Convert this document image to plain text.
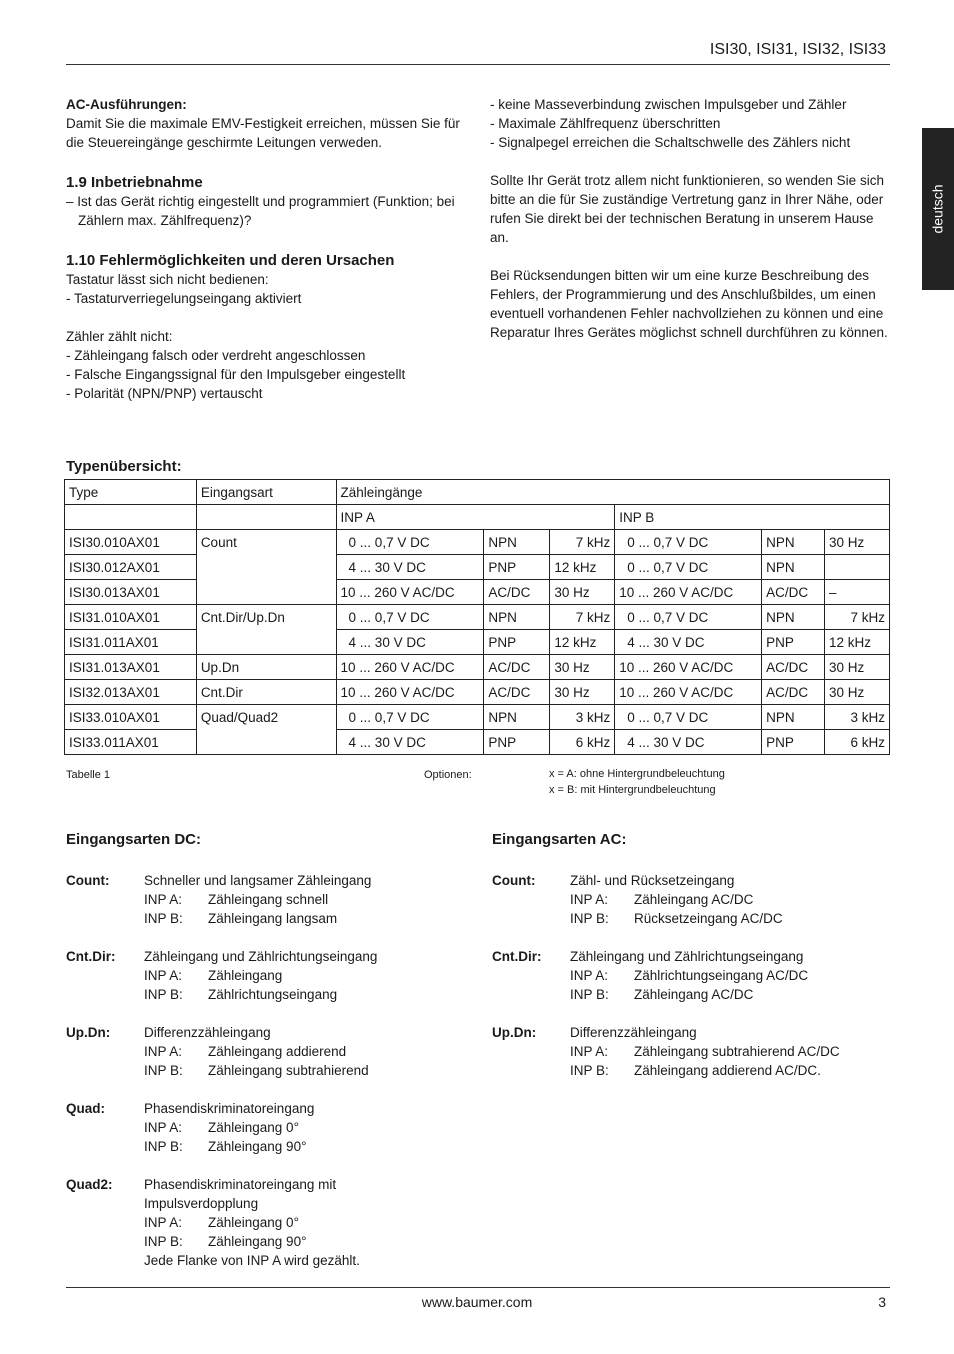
ISI30, ISI31, ISI32, ISI33
deutsch

AC-Ausführungen:

Damit Sie die maximale EMV-Festigkeit erreichen, müssen Sie für die Steuereingänge geschirmte Leitungen verweden.

1.9 Inbetriebnahme

– Ist das Gerät richtig eingestellt und programmiert (Funktion; bei Zählern max. Zählfrequenz)?

1.10 Fehlermöglichkeiten und deren Ursachen

Tastatur lässt sich nicht bedienen:

- Tastaturverriegelungseingang aktiviert

Zähler zählt nicht:

- Zähleingang falsch oder verdreht angeschlossen

- Falsche Eingangssignal für den Impulsgeber eingestellt

- Polarität (NPN/PNP) vertauscht

- keine Masseverbindung zwischen Impulsgeber und Zähler

- Maximale Zählfrequenz überschritten

- Signalpegel erreichen die Schaltschwelle des Zählers nicht

Sollte Ihr Gerät trotz allem nicht funktionieren, so wenden Sie sich bitte an die für Sie zuständige Vertretung ganz in Ihrer Nähe, oder rufen Sie direkt bei der technischen Beratung in unserem Hause an.

Bei Rücksendungen bitten wir um eine kurze Beschreibung des Fehlers, der Programmierung und des Anschlußbildes, um einen eventuell vorhandenen Fehler nachvollziehen zu können und eine Reparatur Ihres Gerätes möglichst schnell durchführen zu können.

Typenübersicht:
Type	Eingangsart	Zähleingänge					
		INP A			INP B		
ISI30.010AX01	Count	0 ... 0,7 V DC	NPN	7 kHz	0 ... 0,7 V DC	NPN	30 Hz
ISI30.012AX01		4 ... 30 V DC	PNP	12 kHz	0 ... 0,7 V DC	NPN	
ISI30.013AX01		10 ... 260 V AC/DC	AC/DC	30 Hz	10 ... 260 V AC/DC	AC/DC	–
ISI31.010AX01	Cnt.Dir/Up.Dn	0 ... 0,7 V DC	NPN	7 kHz	0 ... 0,7 V DC	NPN	7 kHz
ISI31.011AX01		4 ... 30 V DC	PNP	12 kHz	4 ... 30 V DC	PNP	12 kHz
ISI31.013AX01	Up.Dn	10 ... 260 V AC/DC	AC/DC	30 Hz	10 ... 260 V AC/DC	AC/DC	30 Hz
ISI32.013AX01	Cnt.Dir	10 ... 260 V AC/DC	AC/DC	30 Hz	10 ... 260 V AC/DC	AC/DC	30 Hz
ISI33.010AX01	Quad/Quad2	0 ... 0,7 V DC	NPN	3 kHz	0 ... 0,7 V DC	NPN	3 kHz
ISI33.011AX01		4 ... 30 V DC	PNP	6 kHz	4 ... 30 V DC	PNP	6 kHz
Tabelle 1	Optionen:	x = A: ohne Hintergrundbeleuchtung
x = B: mit Hintergrundbeleuchtung
Eingangsarten DC:
Count:	Schneller und langsamer Zähleingang
INP A:	Zähleingang schnell
INP B:	Zähleingang langsam
Cnt.Dir:	Zähleingang und Zählrichtungseingang
INP A:	Zähleingang
INP B:	Zählrichtungseingang
Up.Dn:	Differenzzähleingang
INP A:	Zähleingang addierend
INP B:	Zähleingang subtrahierend
Quad:	Phasendiskriminatoreingang
INP A:	Zähleingang 0°
INP B:	Zähleingang 90°
Quad2:	Phasendiskriminatoreingang mit Impulsverdopplung
INP A:	Zähleingang 0°
INP B:	Zähleingang 90°
Jede Flanke von INP A wird gezählt.
Eingangsarten AC:
Count:	Zähl- und Rücksetzeingang
INP A:	Zähleingang AC/DC
INP B:	Rücksetzeingang AC/DC
Cnt.Dir:	Zähleingang und Zählrichtungseingang
INP A:	Zählrichtungseingang AC/DC
INP B:	Zähleingang AC/DC
Up.Dn:	Differenzzähleingang
INP A:	Zähleingang subtrahierend AC/DC
INP B:	Zähleingang addierend AC/DC.
www.baumer.com	3
